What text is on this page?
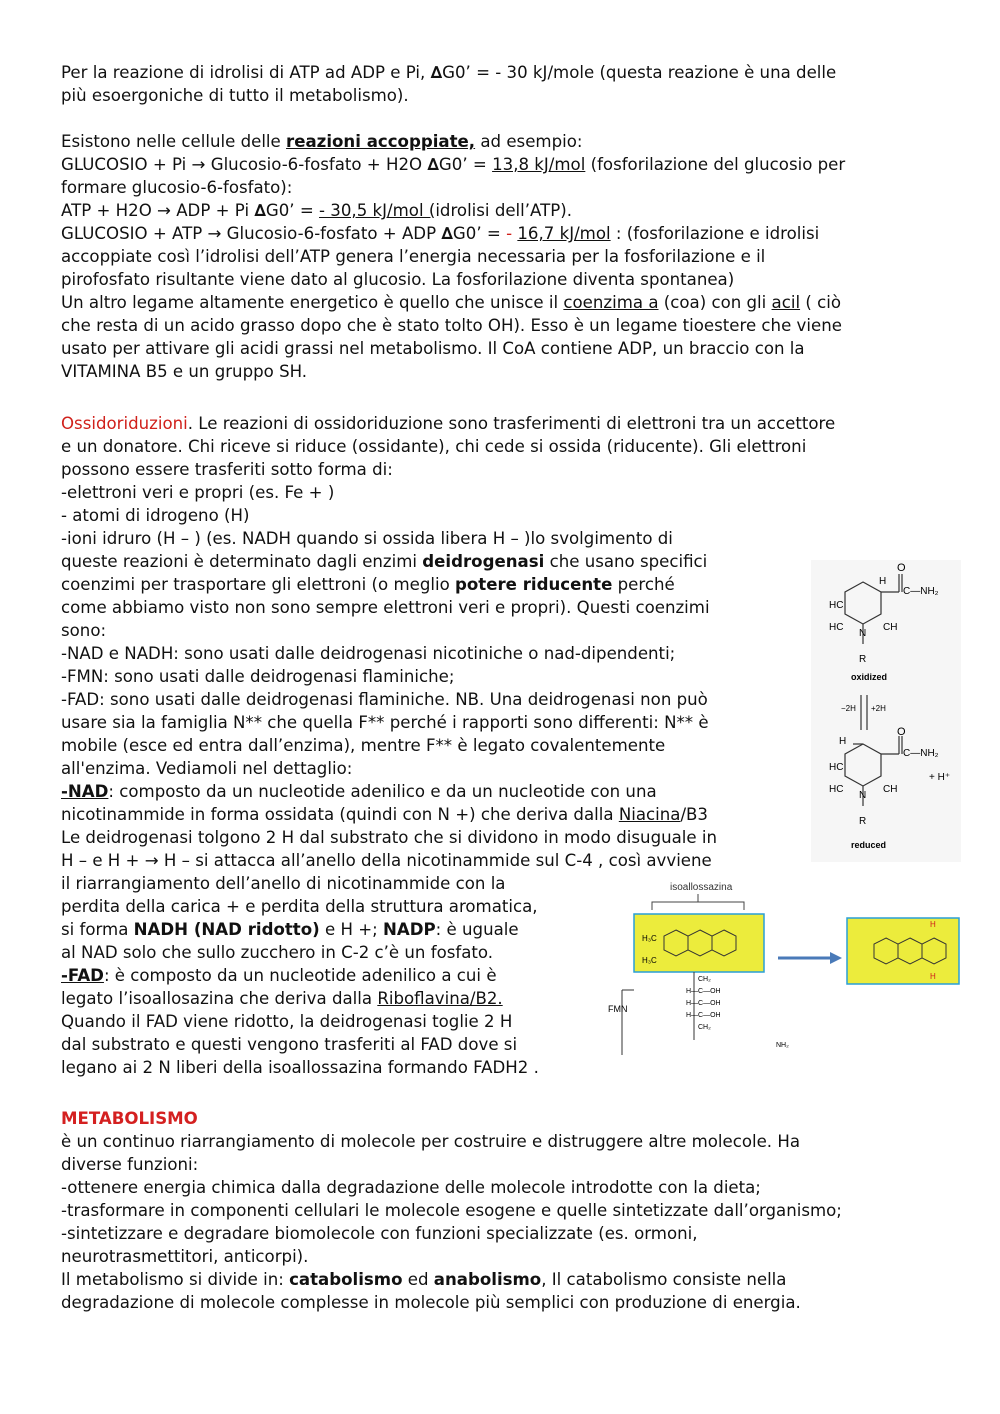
Per la reazione di idrolisi di ATP ad ADP e Pi, ∆G0’ = - 30 kJ/mole (questa reazione è una delle
più esoergoniche di tutto il metabolismo).
Esistono nelle cellule delle reazioni accoppiate, ad esempio:
GLUCOSIO + Pi → Glucosio-6-fosfato + H2O ∆G0’ = 13,8 kJ/mol (fosforilazione del glucosio per
formare glucosio-6-fosfato):
ATP + H2O → ADP + Pi ∆G0’ = - 30,5 kJ/mol (idrolisi dell’ATP).
GLUCOSIO + ATP → Glucosio-6-fosfato + ADP ∆G0’ = - 16,7 kJ/mol : (fosforilazione e idrolisi
accoppiate così l’idrolisi dell’ATP genera l’energia necessaria per la fosforilazione e il
pirofosfato risultante viene dato al glucosio. La fosforilazione diventa spontanea)
Un altro legame altamente energetico è quello che unisce il coenzima a (coa) con gli acil ( ciò
che resta di un acido grasso dopo che è stato tolto OH). Esso è un legame tioestere che viene
usato per attivare gli acidi grassi nel metabolismo. Il CoA contiene ADP, un braccio con la
VITAMINA B5 e un gruppo SH.
Ossidoriduzioni. Le reazioni di ossidoriduzione sono trasferimenti di elettroni tra un accettore
e un donatore. Chi riceve si riduce (ossidante), chi cede si ossida (riducente). Gli elettroni
possono essere trasferiti sotto forma di:
-elettroni veri e propri (es. Fe + )
- atomi di idrogeno (H)
-ioni idruro (H – ) (es. NADH quando si ossida libera H – )lo svolgimento di
queste reazioni è determinato dagli enzimi deidrogenasi che usano specifici
coenzimi per trasportare gli elettroni (o meglio potere riducente perché
come abbiamo visto non sono sempre elettroni veri e propri). Questi coenzimi
sono:
-NAD e NADH: sono usati dalle deidrogenasi nicotiniche o nad-dipendenti;
-FMN: sono usati dalle deidrogenasi flaminiche;
-FAD: sono usati dalle deidrogenasi flaminiche. NB. Una deidrogenasi non può
usare sia la famiglia N** che quella F** perché i rapporti sono differenti: N** è
mobile (esce ed entra dall’enzima), mentre F** è legato covalentemente
all'enzima. Vediamoli nel dettaglio:
-NAD: composto da un nucleotide adenilico e da un nucleotide con una
nicotinammide in forma ossidata (quindi con N +) che deriva dalla Niacina/B3
Le deidrogenasi tolgono 2 H dal substrato che si dividono in modo disuguale in
H – e H + → H – si attacca all’anello della nicotinammide sul C-4 , così avviene
il riarrangiamento dell’anello di nicotinammide con la
perdita della carica + e perdita della struttura aromatica,
si forma NADH (NAD ridotto) e H +; NADP: è uguale
al NAD solo che sullo zucchero in C-2 c’è un fosfato.
-FAD: è composto da un nucleotide adenilico a cui è
legato l’isoallosazina che deriva dalla Riboflavina/B2.
Quando il FAD viene ridotto, la deidrogenasi toglie 2 H
dal substrato e questi vengono trasferiti al FAD dove si
legano ai 2 N liberi della isoallossazina formando FADH2 .
METABOLISMO
è un continuo riarrangiamento di molecole per costruire e distruggere altre molecole. Ha
diverse funzioni:
-ottenere energia chimica dalla degradazione delle molecole introdotte con la dieta;
-trasformare in componenti cellulari le molecole esogene e quelle sintetizzate dall’organismo;
-sintetizzare e degradare biomolecole con funzioni specializzate (es. ormoni,
neurotrasmettitori, anticorpi).
Il metabolismo si divide in: catabolismo ed anabolismo, Il catabolismo consiste nella
degradazione di molecole complesse in molecole più semplici con produzione di energia.
O
H
C—NH₂
HC
HC	CH
N
R
oxidized
−2H +2H
O
H
C—NH₂
+ H⁺
HC
HC	CH
N
R
reduced
isoallossazina
H₃C
H₃C
FMN
CH₂
H—C—OH
H—C—OH
H—C—OH
CH₂
NH₂
H
H
